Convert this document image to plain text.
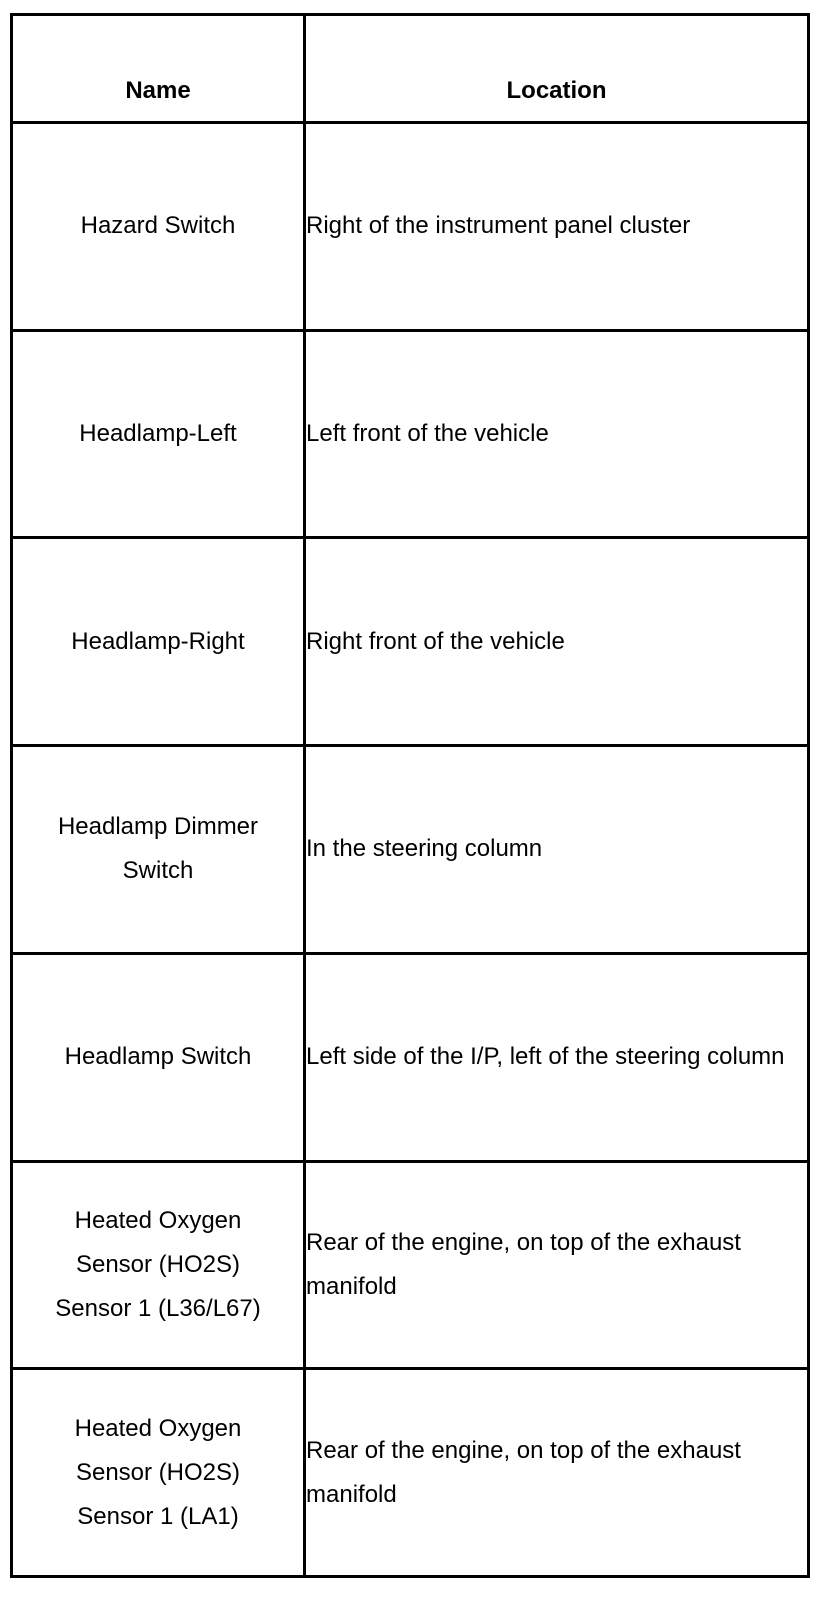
Name	Location
Hazard Switch	Right of the instrument panel cluster
Headlamp-Left	Left front of the vehicle
Headlamp-Right	Right front of the vehicle
Headlamp Dimmer Switch	In the steering column
Headlamp Switch	Left side of the I/P, left of the steering column
Heated Oxygen Sensor (HO2S) Sensor 1 (L36/L67)	Rear of the engine, on top of the exhaust manifold
Heated Oxygen Sensor (HO2S) Sensor 1 (LA1)	Rear of the engine, on top of the exhaust manifold
